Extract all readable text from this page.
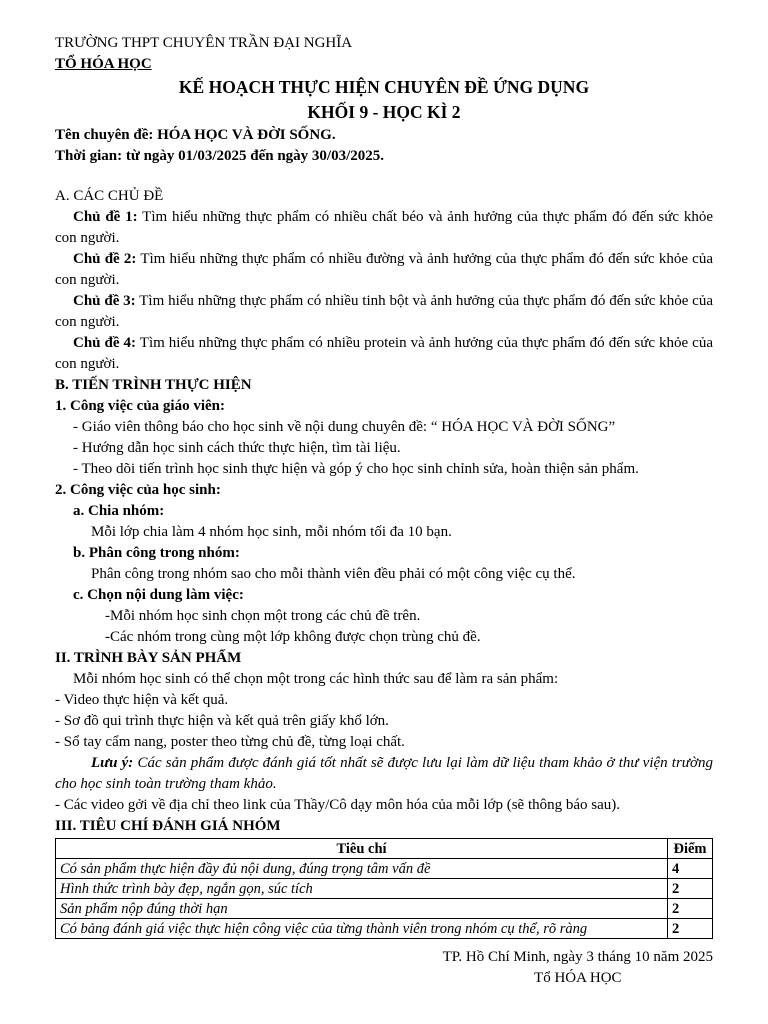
TRƯỜNG THPT CHUYÊN TRẦN ĐẠI NGHĨA
TỔ HÓA HỌC
KẾ HOẠCH THỰC HIỆN CHUYÊN ĐỀ ỨNG DỤNG
KHỐI 9 - HỌC KÌ 2
Tên chuyên đề: HÓA HỌC VÀ ĐỜI SỐNG.
Thời gian: từ ngày 01/03/2025 đến ngày 30/03/2025.
A. CÁC CHỦ ĐỀ
Chủ đề 1: Tìm hiểu những thực phẩm có nhiều chất béo và ảnh hưởng của thực phẩm đó đến sức khỏe con người.
Chủ đề 2: Tìm hiểu những thực phẩm có nhiều đường và ảnh hưởng của thực phẩm đó đến sức khỏe của con người.
Chủ đề 3: Tìm hiểu những thực phẩm có nhiều tinh bột và ảnh hưởng của thực phẩm đó đến sức khỏe của con người.
Chủ đề 4: Tìm hiểu những thực phẩm có nhiều protein và ảnh hưởng của thực phẩm đó đến sức khỏe của con người.
B. TIẾN TRÌNH THỰC HIỆN
1. Công việc của giáo viên:
- Giáo viên thông báo cho học sinh về nội dung chuyên đề: “ HÓA HỌC VÀ ĐỜI SỐNG”
- Hướng dẫn học sinh cách thức thực hiện, tìm tài liệu.
- Theo dõi tiến trình học sinh thực hiện và góp ý cho học sinh chỉnh sửa, hoàn thiện sản phẩm.
2. Công việc của học sinh:
a. Chia nhóm:
Mỗi lớp chia làm 4 nhóm học sinh, mỗi nhóm tối đa 10 bạn.
b. Phân công trong nhóm:
Phân công trong nhóm sao cho mỗi thành viên đều phải có một công việc cụ thể.
c. Chọn nội dung làm việc:
-Mỗi nhóm học sinh chọn một trong các chủ đề trên.
-Các nhóm trong cùng một lớp không được chọn trùng chủ đề.
II. TRÌNH BÀY SẢN PHẨM
Mỗi nhóm học sinh có thể chọn một trong các hình thức sau để làm ra sản phẩm:
- Video thực hiện và kết quả.
- Sơ đồ qui trình thực hiện và kết quả trên giấy khổ lớn.
- Sổ tay cẩm nang, poster theo từng chủ đề, từng loại chất.
Lưu ý: Các sản phẩm được đánh giá tốt nhất sẽ được lưu lại làm dữ liệu tham khảo ở thư viện trường cho học sinh toàn trường tham khảo.
- Các video gởi về địa chỉ theo link của Thầy/Cô dạy môn hóa của mỗi lớp (sẽ thông báo sau).
III. TIÊU CHÍ ĐÁNH GIÁ NHÓM
Tiêu chí	Điểm
Có sản phẩm thực hiện đầy đủ nội dung, đúng trọng tâm vấn đề	4
Hình thức trình bày đẹp, ngắn gọn, súc tích	2
Sản phẩm nộp đúng thời hạn	2
Có bảng đánh giá việc thực hiện công việc của từng thành viên trong nhóm cụ thể, rõ ràng	2
TP. Hồ Chí Minh, ngày 3 tháng 10 năm 2025
Tổ HÓA HỌC
